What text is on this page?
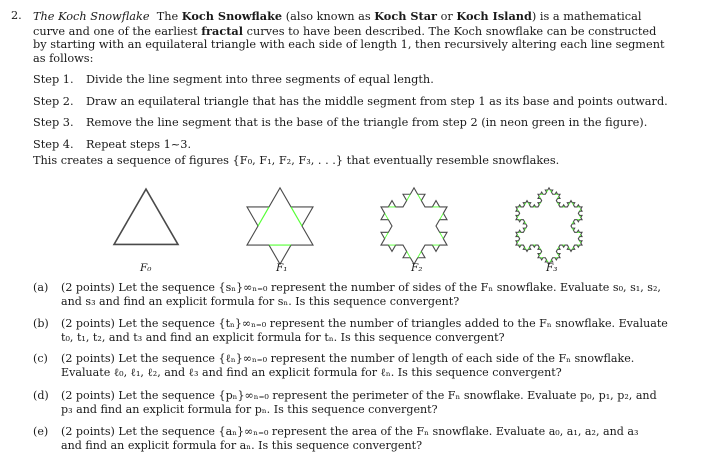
2. The Koch Snowflake The Koch Snowflake (also known as Koch Star or Koch Island) is a mathematical
curve and one of the earliest fractal curves to have been described. The Koch snowflake can be constructed
by starting with an equilateral triangle with each side of length 1, then recursively altering each line segment
as follows:
Step 1. Divide the line segment into three segments of equal length.
Step 2. Draw an equilateral triangle that has the middle segment from step 1 as its base and points outward.
Step 3. Remove the line segment that is the base of the triangle from step 2 (in neon green in the figure).
Step 4. Repeat steps 1~3.
This creates a sequence of figures {F₀, F₁, F₂, F₃, . . .} that eventually resemble snowflakes.
F₀	F₁	F₂	F₃
(a) (2 points) Let the sequence {sₙ}∞ₙ₌₀ represent the number of sides of the Fₙ snowflake. Evaluate s₀, s₁, s₂,
and s₃ and find an explicit formula for sₙ. Is this sequence convergent?
(b) (2 points) Let the sequence {tₙ}∞ₙ₌₀ represent the number of triangles added to the Fₙ snowflake. Evaluate
t₀, t₁, t₂, and t₃ and find an explicit formula for tₙ. Is this sequence convergent?
(c) (2 points) Let the sequence {ℓₙ}∞ₙ₌₀ represent the number of length of each side of the Fₙ snowflake.
Evaluate ℓ₀, ℓ₁, ℓ₂, and ℓ₃ and find an explicit formula for ℓₙ. Is this sequence convergent?
(d) (2 points) Let the sequence {pₙ}∞ₙ₌₀ represent the perimeter of the Fₙ snowflake. Evaluate p₀, p₁, p₂, and
p₃ and find an explicit formula for pₙ. Is this sequence convergent?
(e) (2 points) Let the sequence {aₙ}∞ₙ₌₀ represent the area of the Fₙ snowflake. Evaluate a₀, a₁, a₂, and a₃
and find an explicit formula for aₙ. Is this sequence convergent?
